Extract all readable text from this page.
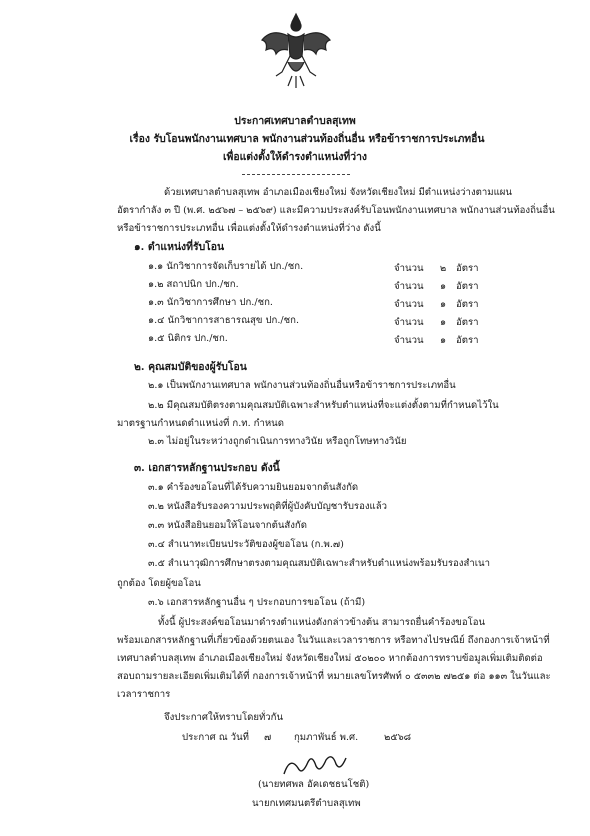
ประกาศเทศบาลตำบลสุเทพ
เรื่อง รับโอนพนักงานเทศบาล พนักงานส่วนท้องถิ่นอื่น หรือข้าราชการประเภทอื่น
เพื่อแต่งตั้งให้ดำรงตำแหน่งที่ว่าง
ด้วยเทศบาลตำบลสุเทพ อำเภอเมืองเชียงใหม่ จังหวัดเชียงใหม่ มีตำแหน่งว่างตามแผน
อัตรากำลัง ๓ ปี (พ.ศ. ๒๕๖๗ – ๒๕๖๙) และมีความประสงค์รับโอนพนักงานเทศบาล พนักงานส่วนท้องถิ่นอื่น
หรือข้าราชการประเภทอื่น เพื่อแต่งตั้งให้ดำรงตำแหน่งที่ว่าง ดังนี้
๑. ตำแหน่งที่รับโอน
๑.๑ นักวิชาการจัดเก็บรายได้ ปก./ชก.	จำนวน	๒	อัตรา
๑.๒ สถาปนิก ปก./ชก.	จำนวน	๑	อัตรา
๑.๓ นักวิชาการศึกษา ปก./ชก.	จำนวน	๑	อัตรา
๑.๔ นักวิชาการสาธารณสุข ปก./ชก.	จำนวน	๑	อัตรา
๑.๕ นิติกร ปก./ชก.	จำนวน	๑	อัตรา
๒. คุณสมบัติของผู้รับโอน
๒.๑ เป็นพนักงานเทศบาล พนักงานส่วนท้องถิ่นอื่นหรือข้าราชการประเภทอื่น
๒.๒ มีคุณสมบัติตรงตามคุณสมบัติเฉพาะสำหรับตำแหน่งที่จะแต่งตั้งตามที่กำหนดไว้ใน
มาตรฐานกำหนดตำแหน่งที่ ก.ท. กำหนด
๒.๓ ไม่อยู่ในระหว่างถูกดำเนินการทางวินัย หรือถูกโทษทางวินัย
๓. เอกสารหลักฐานประกอบ ดังนี้
๓.๑ คำร้องขอโอนที่ได้รับความยินยอมจากต้นสังกัด
๓.๒ หนังสือรับรองความประพฤติที่ผู้บังคับบัญชารับรองแล้ว
๓.๓ หนังสือยินยอมให้โอนจากต้นสังกัด
๓.๔ สำเนาทะเบียนประวัติของผู้ขอโอน (ก.พ.๗)
๓.๕ สำเนาวุฒิการศึกษาตรงตามคุณสมบัติเฉพาะสำหรับตำแหน่งพร้อมรับรองสำเนา
ถูกต้อง โดยผู้ขอโอน
๓.๖ เอกสารหลักฐานอื่น ๆ ประกอบการขอโอน (ถ้ามี)
ทั้งนี้ ผู้ประสงค์ขอโอนมาดำรงตำแหน่งดังกล่าวข้างต้น สามารถยื่นคำร้องขอโอน
พร้อมเอกสารหลักฐานที่เกี่ยวข้องด้วยตนเอง ในวันและเวลาราชการ หรือทางไปรษณีย์ ถึงกองการเจ้าหน้าที่
เทศบาลตำบลสุเทพ อำเภอเมืองเชียงใหม่ จังหวัดเชียงใหม่ ๕๐๒๐๐ หากต้องการทราบข้อมูลเพิ่มเติมติดต่อ
สอบถามรายละเอียดเพิ่มเติมได้ที่ กองการเจ้าหน้าที่ หมายเลขโทรศัพท์ ๐ ๕๓๓๒ ๗๒๕๑ ต่อ ๑๑๓ ในวันและ
เวลาราชการ
จึงประกาศให้ทราบโดยทั่วกัน
ประกาศ ณ วันที่ ๗ กุมภาพันธ์ พ.ศ.	๒๕๖๘
(นายทศพล อัคเดชธนโชติ)
นายกเทศมนตรีตำบลสุเทพ
